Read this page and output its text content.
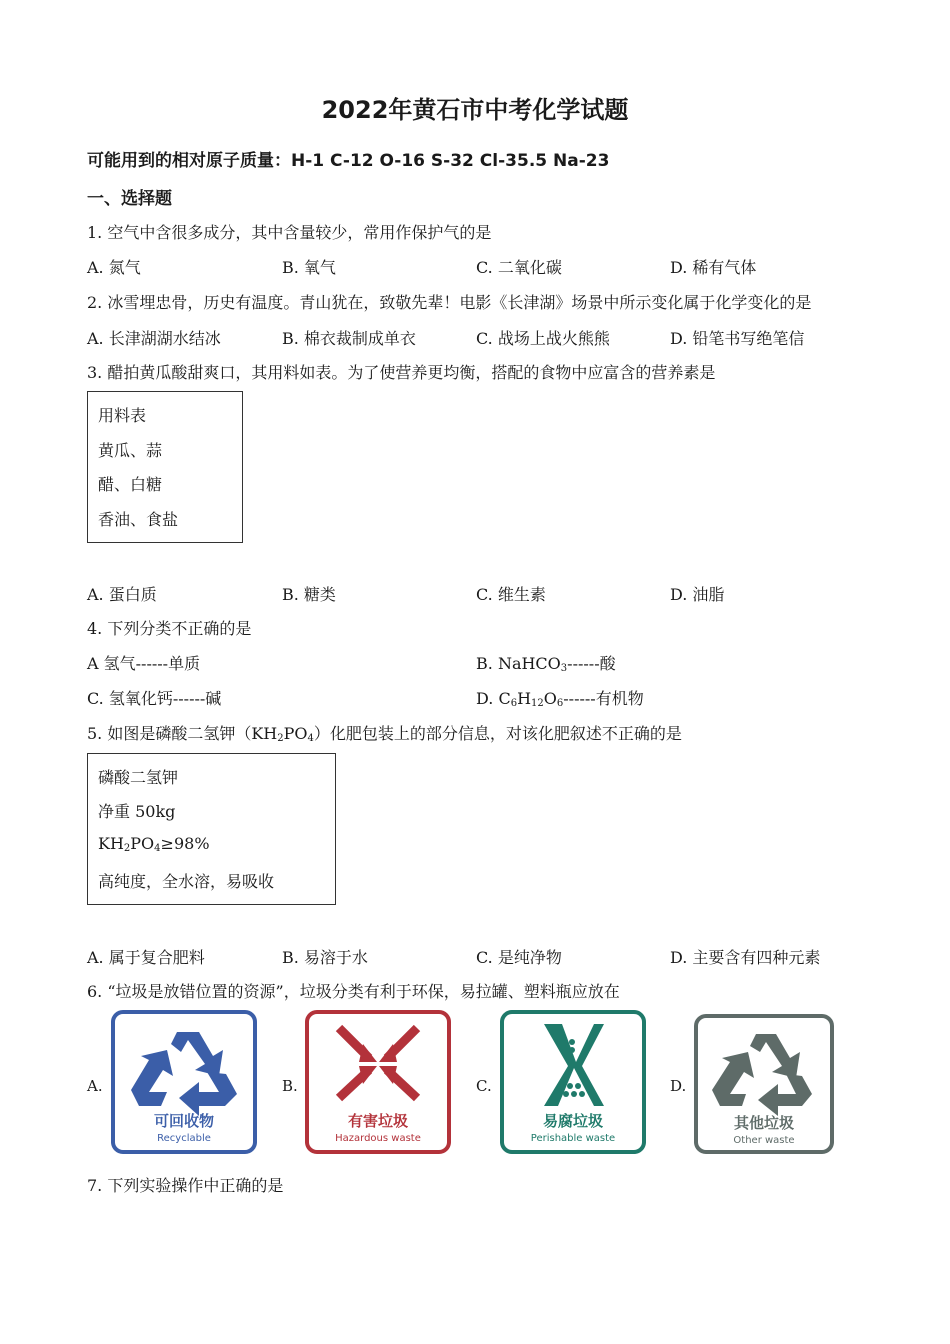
2022年黄石市中考化学试题
可能用到的相对原子质量：H-1 C-12 O-16 S-32 Cl-35.5 Na-23
一、选择题
1. 空气中含很多成分，其中含量较少，常用作保护气的是
A. 氮气	B. 氧气	C. 二氧化碳	D. 稀有气体
2. 冰雪埋忠骨，历史有温度。青山犹在，致敬先辈！电影《长津湖》场景中所示变化属于化学变化的是
A. 长津湖湖水结冰	B. 棉衣裁制成单衣	C. 战场上战火熊熊	D. 铅笔书写绝笔信
3. 醋拍黄瓜酸甜爽口，其用料如表。为了使营养更均衡，搭配的食物中应富含的营养素是
用料表
黄瓜、蒜
醋、白糖
香油、食盐
A. 蛋白质	B. 糖类	C. 维生素	D. 油脂
4. 下列分类不正确的是
A 氢气------单质	B. NaHCO$_3$------酸
C. 氢氧化钙------碱	D. $C_6H_{12}O_6------$有机物
5. 如图是磷酸二氢钾$(KH_2PO_4)$化肥包装上的部分信息，对该化肥叙述不正确的是
磷酸二氢钾
净重 50kg
$KH_2PO_4\ge 98\%$
高纯度，全水溶，易吸收
A. 属于复合肥料	B. 易溶于水	C. 是纯净物	D. 主要含有四种元素
6. “垃圾是放错位置的资源”，垃圾分类有利于环保，易拉罐、塑料瓶应放在
A.	B.	C.	D.
可回收物
Recyclable
有害垃圾
Hazardous waste
易腐垃圾
Perishable waste
其他垃圾
Other waste
7. 下列实验操作中正确的是
